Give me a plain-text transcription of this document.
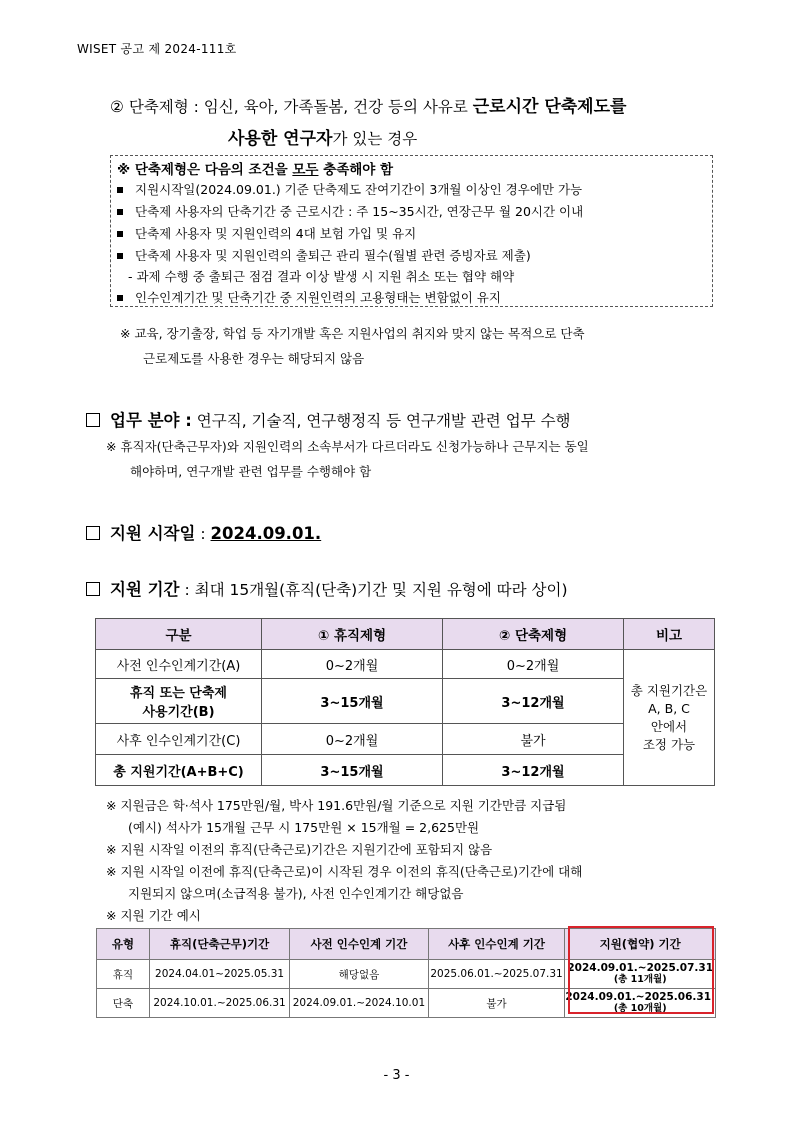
WISET 공고 제 2024-111호
② 단축제형 : 임신, 육아, 가족돌봄, 건강 등의 사유로 근로시간 단축제도를
사용한 연구자가 있는 경우
※ 단축제형은 다음의 조건을 모두 충족해야 함
지원시작일(2024.09.01.) 기준 단축제도 잔여기간이 3개월 이상인 경우에만 가능
단축제 사용자의 단축기간 중 근로시간 : 주 15~35시간, 연장근무 월 20시간 이내
단축제 사용자 및 지원인력의 4대 보험 가입 및 유지
단축제 사용자 및 지원인력의 출퇴근 관리 필수(월별 관련 증빙자료 제출)
- 과제 수행 중 출퇴근 점검 결과 이상 발생 시 지원 취소 또는 협약 해약
인수인계기간 및 단축기간 중 지원인력의 고용형태는 변함없이 유지
※ 교육, 장기출장, 학업 등 자기개발 혹은 지원사업의 취지와 맞지 않는 목적으로 단축
근로제도를 사용한 경우는 해당되지 않음
업무 분야 : 연구직, 기술직, 연구행정직 등 연구개발 관련 업무 수행
※ 휴직자(단축근무자)와 지원인력의 소속부서가 다르더라도 신청가능하나 근무지는 동일
해야하며, 연구개발 관련 업무를 수행해야 함
지원 시작일 : 2024.09.01.
지원 기간 : 최대 15개월(휴직(단축)기간 및 지원 유형에 따라 상이)
구분	① 휴직제형	② 단축제형	비고
사전 인수인계기간(A)	0~2개월	0~2개월	총 지원기간은
A, B, C
안에서
조정 가능

휴직 또는 단축제
사용기간(B)	3~15개월	3~12개월	
사후 인수인계기간(C)	0~2개월	불가	
총 지원기간(A+B+C)	3~15개월	3~12개월	
※ 지원금은 학·석사 175만원/월, 박사 191.6만원/월 기준으로 지원 기간만큼 지급됨
(예시) 석사가 15개월 근무 시 175만원 × 15개월 = 2,625만원
※ 지원 시작일 이전의 휴직(단축근로)기간은 지원기간에 포함되지 않음
※ 지원 시작일 이전에 휴직(단축근로)이 시작된 경우 이전의 휴직(단축근로)기간에 대해
지원되지 않으며(소급적용 불가), 사전 인수인계기간 해당없음
※ 지원 기간 예시
유형	휴직(단축근무)기간	사전 인수인계 기간	사후 인수인계 기간	지원(협약) 기간
휴직	2024.04.01~2025.05.31	해당없음	2025.06.01.~2025.07.31	2024.09.01.~2025.07.31
(총 11개월)

단축	2024.10.01.~2025.06.31	2024.09.01.~2024.10.01	불가	2024.09.01.~2025.06.31.
(총 10개월)
- 3 -
